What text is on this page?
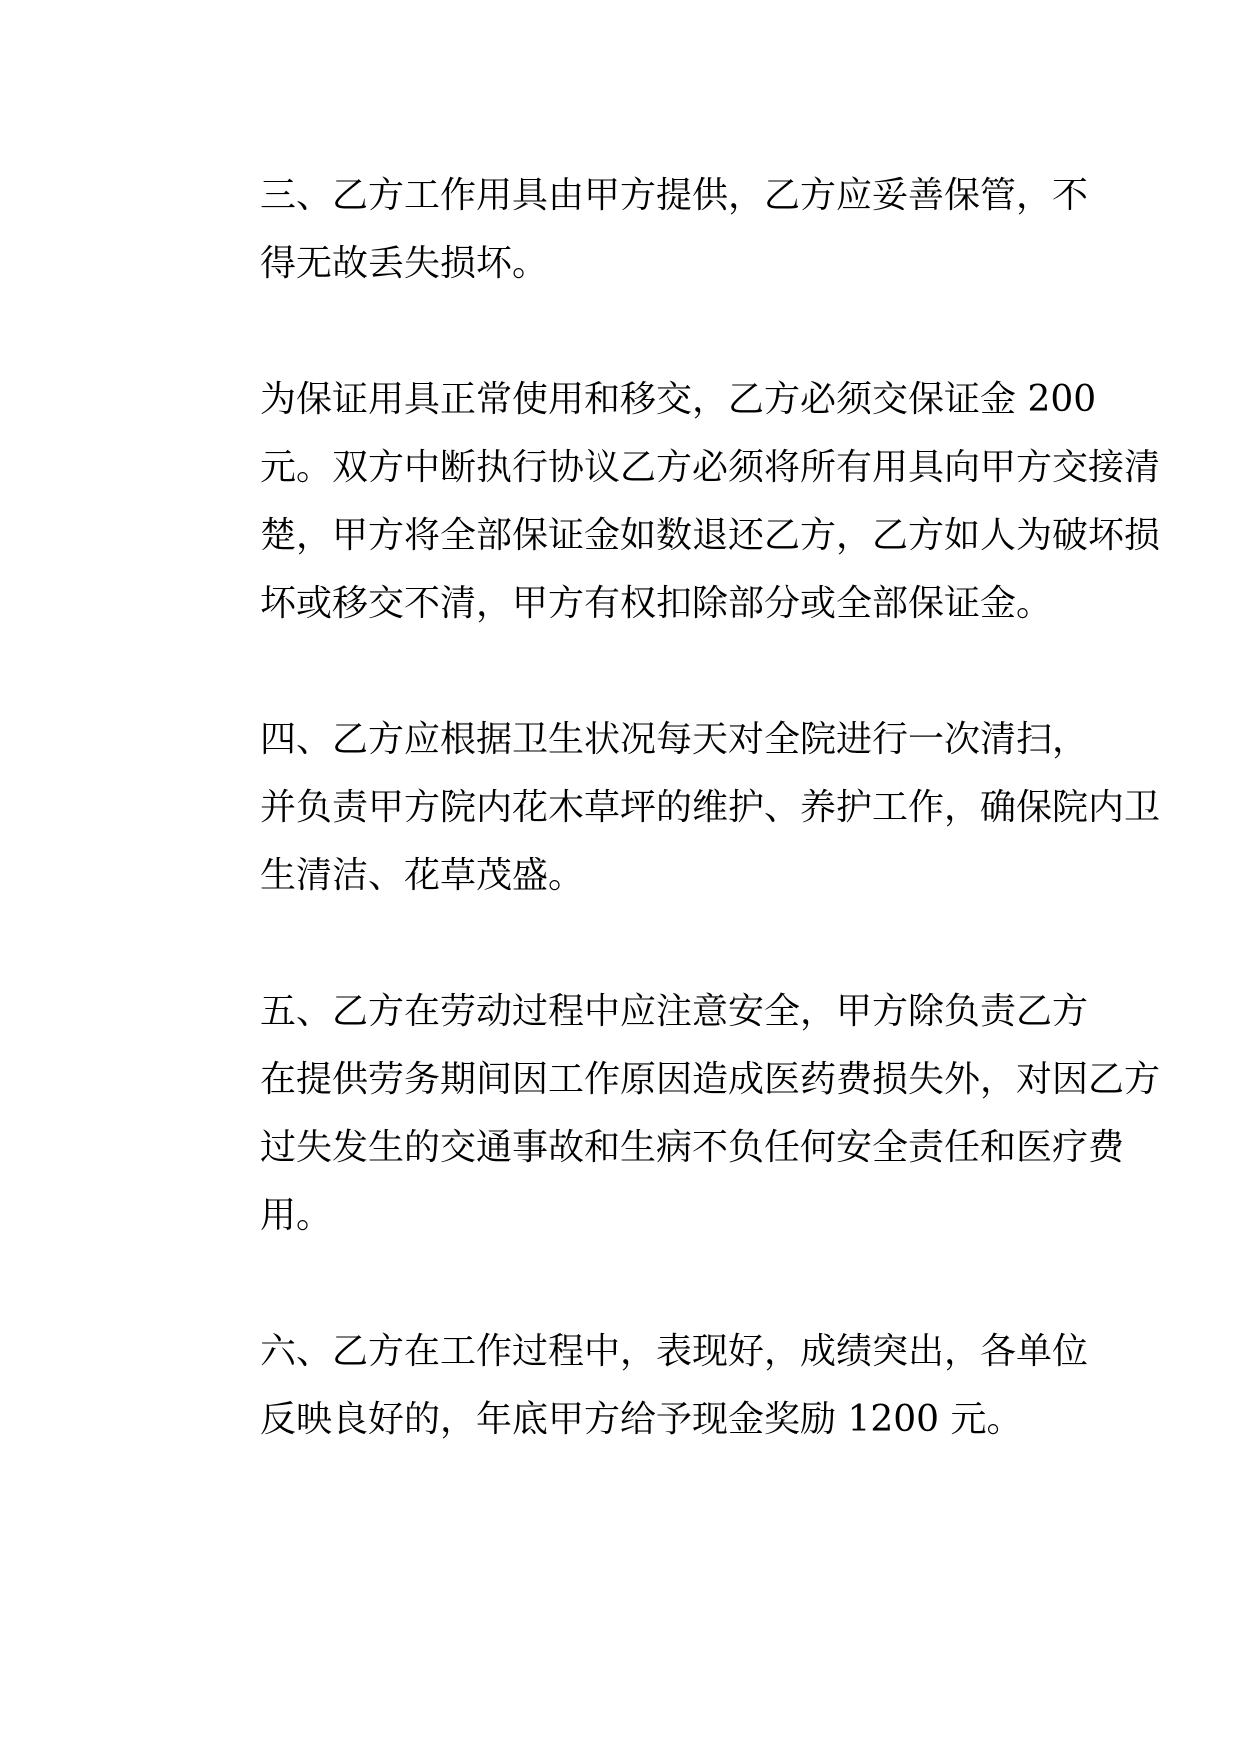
三、乙方工作用具由甲方提供，乙方应妥善保管，不
得无故丢失损坏。

为保证用具正常使用和移交，乙方必须交保证金 200
元。双方中断执行协议乙方必须将所有用具向甲方交接清
楚，甲方将全部保证金如数退还乙方，乙方如人为破坏损
坏或移交不清，甲方有权扣除部分或全部保证金。

四、乙方应根据卫生状况每天对全院进行一次清扫，
并负责甲方院内花木草坪的维护、养护工作，确保院内卫
生清洁、花草茂盛。

五、乙方在劳动过程中应注意安全，甲方除负责乙方
在提供劳务期间因工作原因造成医药费损失外，对因乙方
过失发生的交通事故和生病不负任何安全责任和医疗费
用。

六、乙方在工作过程中，表现好，成绩突出，各单位
反映良好的，年底甲方给予现金奖励 1200 元。
